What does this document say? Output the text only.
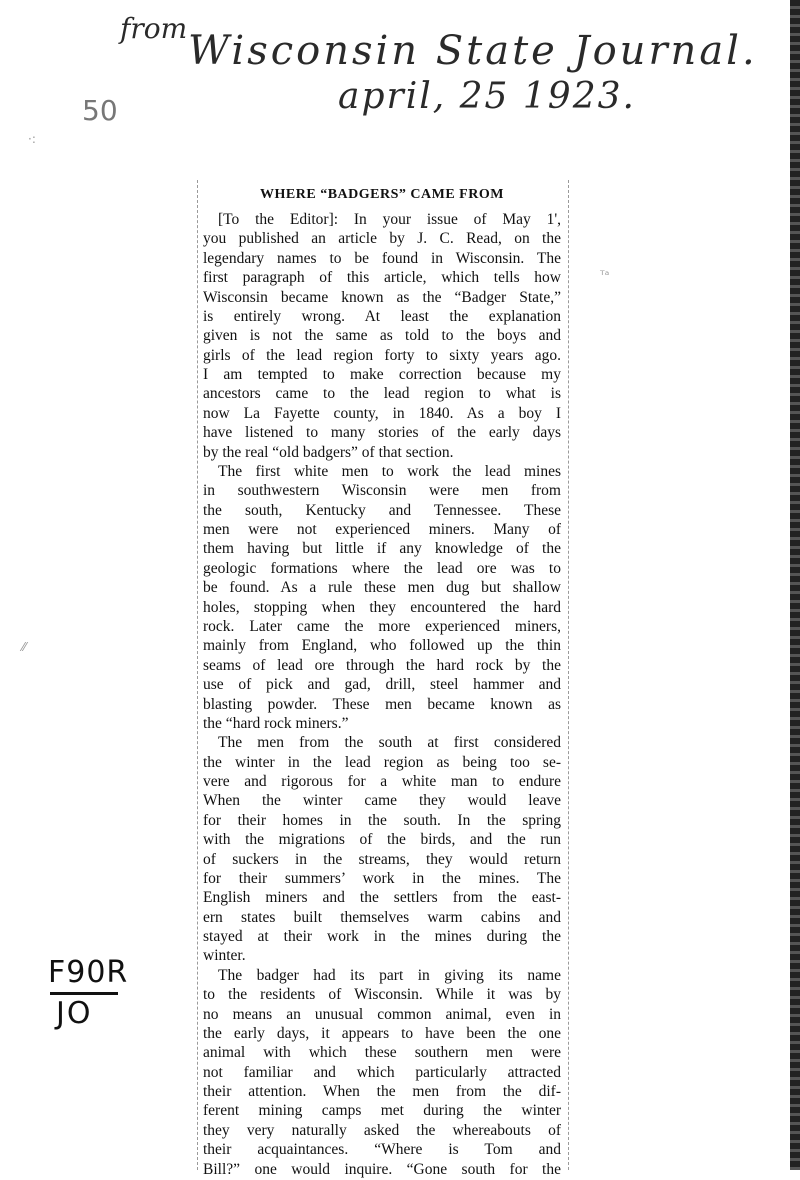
from Wisconsin State Journal.
april, 25 1923.
50
F90R
JO
·:
ᵀᵃ
⁄⁄
WHERE “BADGERS” CAME FROM
[To the Editor]: In your issue of May 1',
you published an article by J. C. Read, on the
legendary names to be found in Wisconsin. The
first paragraph of this article, which tells how
Wisconsin became known as the “Badger State,”
is entirely wrong. At least the explanation
given is not the same as told to the boys and
girls of the lead region forty to sixty years ago.
I am tempted to make correction because my
ancestors came to the lead region to what is
now La Fayette county, in 1840. As a boy I
have listened to many stories of the early days
by the real “old badgers” of that section.
The first white men to work the lead mines
in southwestern Wisconsin were men from
the south, Kentucky and Tennessee. These
men were not experienced miners. Many of
them having but little if any knowledge of the
geologic formations where the lead ore was to
be found. As a rule these men dug but shallow
holes, stopping when they encountered the hard
rock. Later came the more experienced miners,
mainly from England, who followed up the thin
seams of lead ore through the hard rock by the
use of pick and gad, drill, steel hammer and
blasting powder. These men became known as
the “hard rock miners.”
The men from the south at first considered
the winter in the lead region as being too se-
vere and rigorous for a white man to endure
When the winter came they would leave
for their homes in the south. In the spring
with the migrations of the birds, and the run
of suckers in the streams, they would return
for their summers’ work in the mines. The
English miners and the settlers from the east-
ern states built themselves warm cabins and
stayed at their work in the mines during the
winter.
The badger had its part in giving its name
to the residents of Wisconsin. While it was by
no means an unusual common animal, even in
the early days, it appears to have been the one
animal with which these southern men were
not familiar and which particularly attracted
their attention. When the men from the dif-
ferent mining camps met during the winter
they very naturally asked the whereabouts of
their acquaintances. “Where is Tom and
Bill?” one would inquire. “Gone south for the
